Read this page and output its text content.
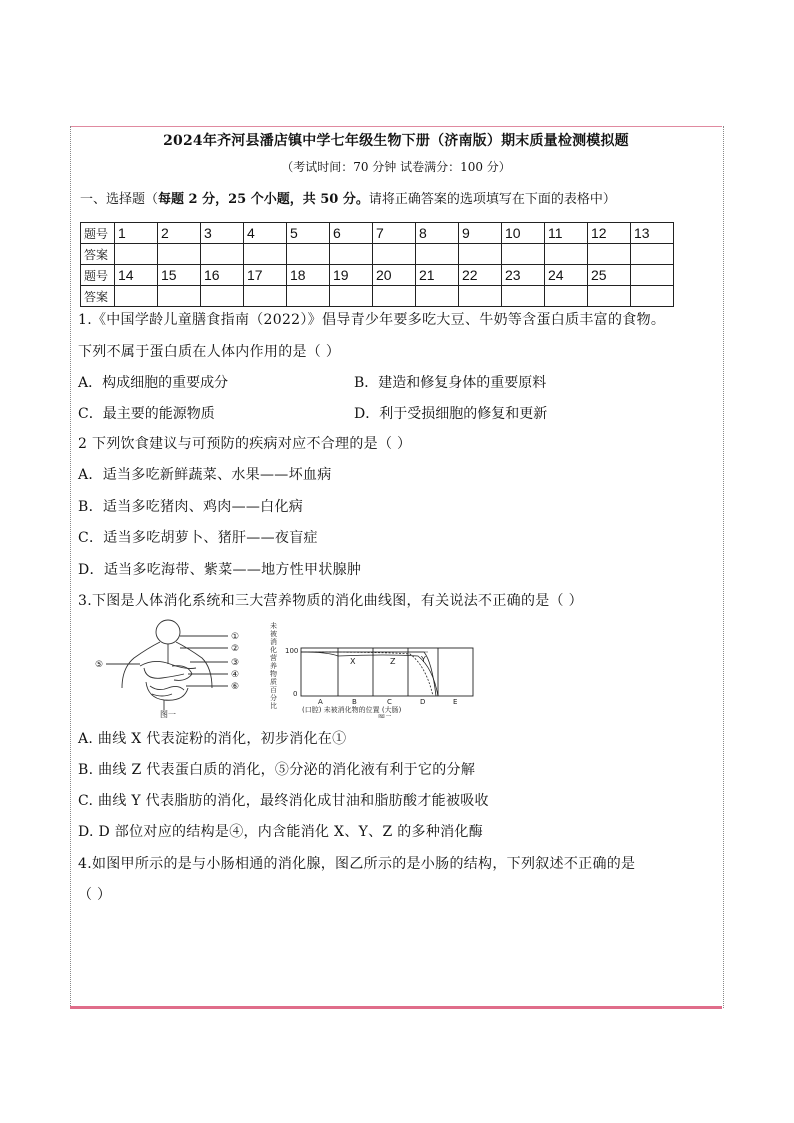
2024年齐河县潘店镇中学七年级生物下册（济南版）期末质量检测模拟题
（考试时间：70 分钟 试卷满分：100 分）
一、选择题（每题 2 分，25 个小题，共 50 分。请将正确答案的选项填写在下面的表格中）
题号	1	2	3	4	5	6	7	8	9	10	11	12	13
答案													
题号	14	15	16	17	18	19	20	21	22	23	24	25	
答案													
1.《中国学龄儿童膳食指南（2022）》倡导青少年要多吃大豆、牛奶等含蛋白质丰富的食物。
下列不属于蛋白质在人体内作用的是（ ）
A．构成细胞的重要成分	B．建造和修复身体的重要原料
C．最主要的能源物质	D．利于受损细胞的修复和更新
2 下列饮食建议与可预防的疾病对应不合理的是（ ）
A．适当多吃新鲜蔬菜、水果——坏血病
B．适当多吃猪肉、鸡肉——白化病
C．适当多吃胡萝卜、猪肝——夜盲症
D．适当多吃海带、紫菜——地方性甲状腺肿
3.下图是人体消化系统和三大营养物质的消化曲线图，有关说法不正确的是（ ）
①
②
③
④
⑤
⑥
图一
未被消化营养物质百分比
100
0
X	Z	Y
A	B	C	D	E
(口腔) 未被消化物的位置 (大肠)
图二
A. 曲线 X 代表淀粉的消化，初步消化在①
B. 曲线 Z 代表蛋白质的消化，⑤分泌的消化液有利于它的分解
C. 曲线 Y 代表脂肪的消化，最终消化成甘油和脂肪酸才能被吸收
D. D 部位对应的结构是④，内含能消化 X、Y、Z 的多种消化酶
4.如图甲所示的是与小肠相通的消化腺，图乙所示的是小肠的结构，下列叙述不正确的是
（ ）
